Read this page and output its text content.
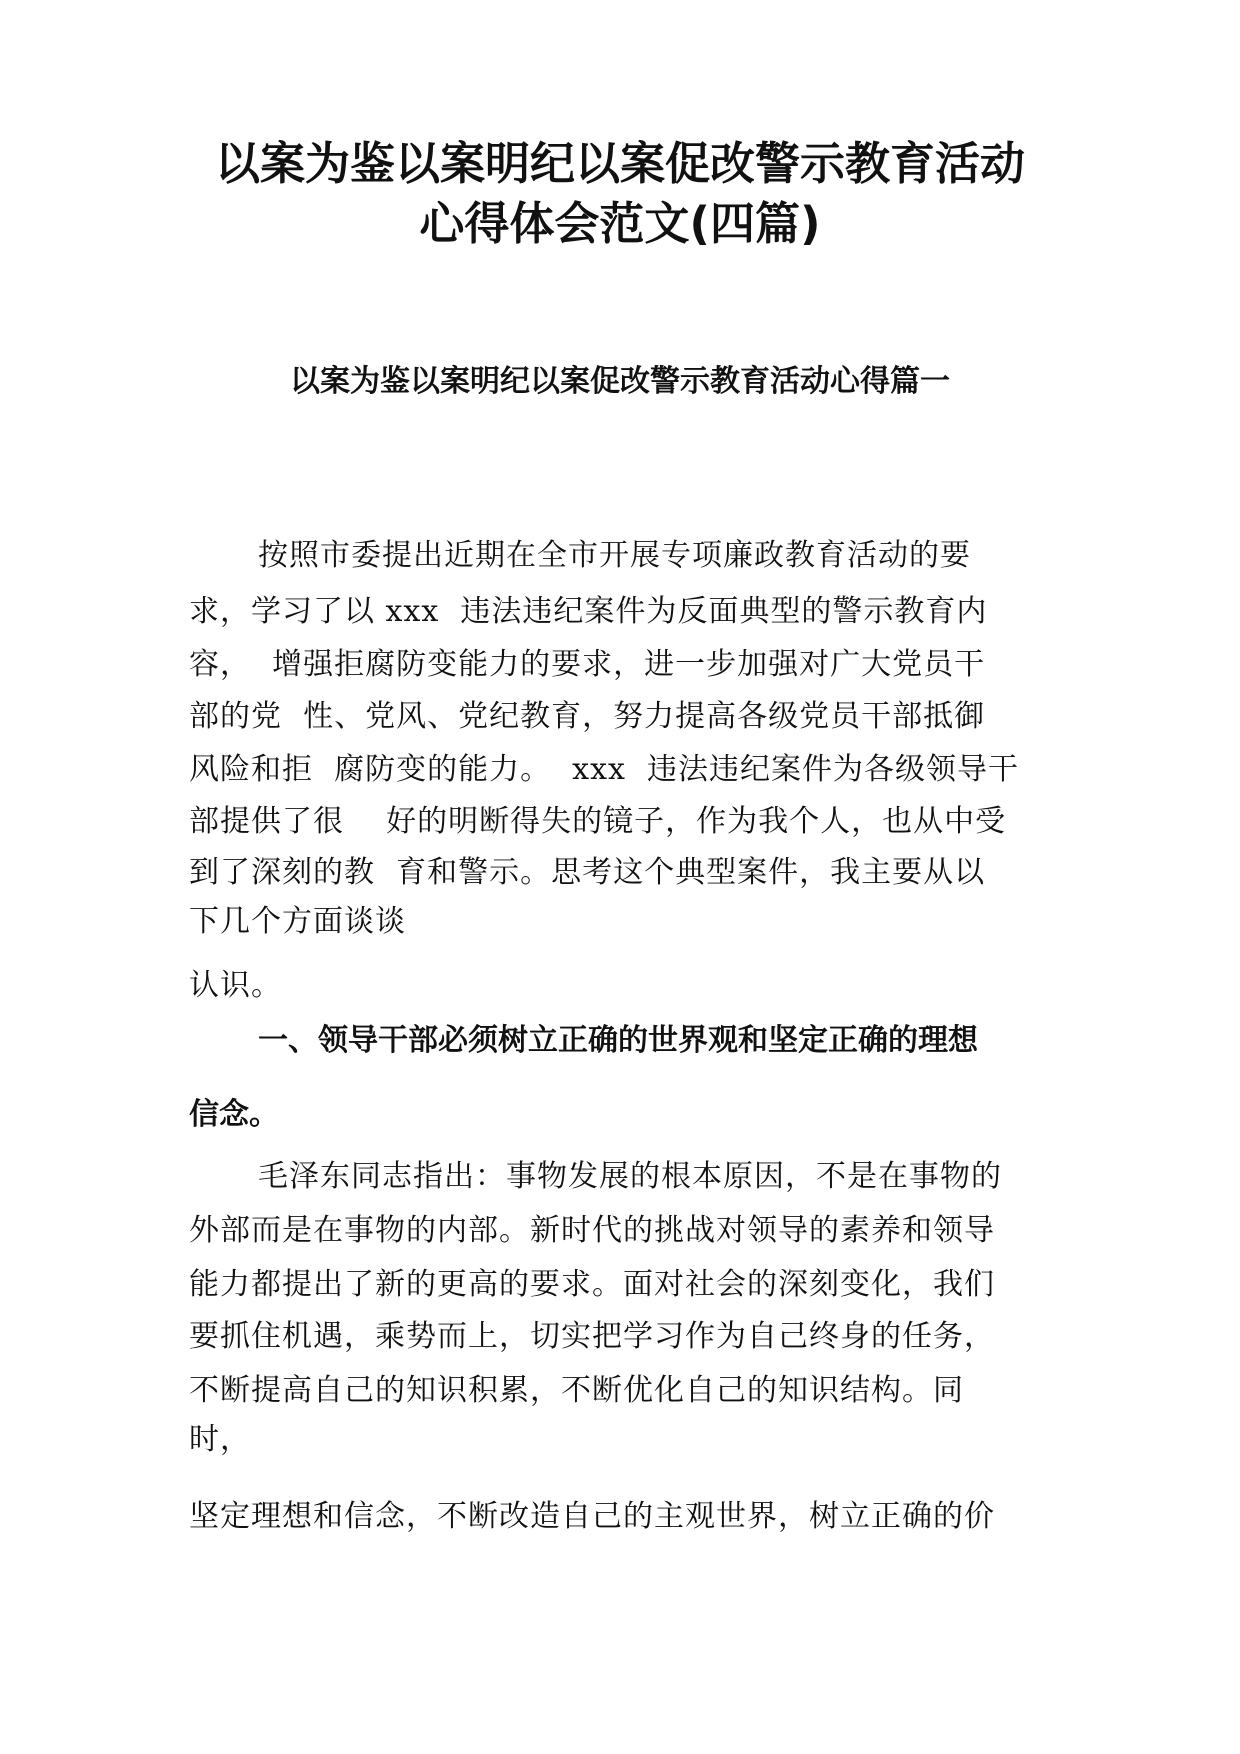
以案为鉴以案明纪以案促改警示教育活动
心得体会范文(四篇)
以案为鉴以案明纪以案促改警示教育活动心得篇一
按照市委提出近期在全市开展专项廉政教育活动的要
求，学习了以 xxx  违法违纪案件为反面典型的警示教育内
容，  增强拒腐防变能力的要求，进一步加强对广大党员干
部的党  性、党风、党纪教育，努力提高各级党员干部抵御
风险和拒  腐防变的能力。  xxx  违法违纪案件为各级领导干
部提供了很    好的明断得失的镜子，作为我个人，也从中受
到了深刻的教  育和警示。思考这个典型案件，我主要从以
下几个方面谈谈
认识。
一、领导干部必须树立正确的世界观和坚定正确的理想
信念。
毛泽东同志指出：事物发展的根本原因，不是在事物的
外部而是在事物的内部。新时代的挑战对领导的素养和领导
能力都提出了新的更高的要求。面对社会的深刻变化，我们
要抓住机遇，乘势而上，切实把学习作为自己终身的任务，
不断提高自己的知识积累，不断优化自己的知识结构。同
时，
坚定理想和信念，不断改造自己的主观世界，树立正确的价
